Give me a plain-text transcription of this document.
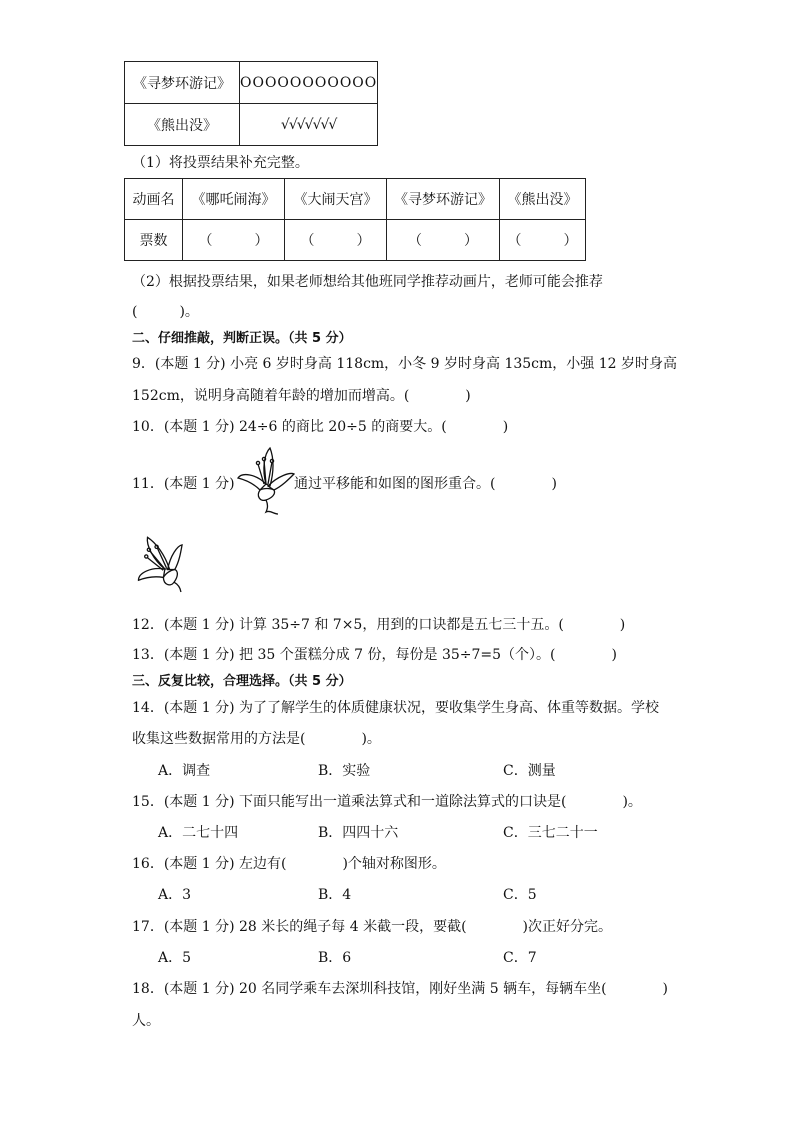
《寻梦环游记》	OOOOOOOOOOO
《熊出没》	√√√√√√√
（1）将投票结果补充完整。
动画名	《哪吒闹海》	《大闹天宫》	《寻梦环游记》	《熊出没》
票数	（　　　）	（　　　）	（　　　）	（　　　）
（2）根据投票结果，如果老师想给其他班同学推荐动画片，老师可能会推荐
(　　　)。
二、仔细推敲，判断正误。（共 5 分）
9．(本题 1 分) 小亮 6 岁时身高 118cm，小冬 9 岁时身高 135cm，小强 12 岁时身高
152cm，说明身高随着年龄的增加而增高。(　　　　)
10．(本题 1 分) 24÷6 的商比 20÷5 的商要大。(　　　　)
11．(本题 1 分)	通过平移能和如图的图形重合。(　　　　)
12．(本题 1 分) 计算 35÷7 和 7×5，用到的口诀都是五七三十五。(　　　　)
13．(本题 1 分) 把 35 个蛋糕分成 7 份，每份是 35÷7=5（个）。(　　　　)
三、反复比较，合理选择。（共 5 分）
14．(本题 1 分) 为了了解学生的体质健康状况，要收集学生身高、体重等数据。学校
收集这些数据常用的方法是(　　　　)。
A．调查	B．实验	C．测量
15．(本题 1 分) 下面只能写出一道乘法算式和一道除法算式的口诀是(　　　　)。
A．二七十四	B．四四十六	C．三七二十一
16．(本题 1 分) 左边有(　　　　)个轴对称图形。
A．3	B．4	C．5
17．(本题 1 分) 28 米长的绳子每 4 米截一段，要截(　　　　)次正好分完。
A．5	B．6	C．7
18．(本题 1 分) 20 名同学乘车去深圳科技馆，刚好坐满 5 辆车，每辆车坐(　　　　)
人。
